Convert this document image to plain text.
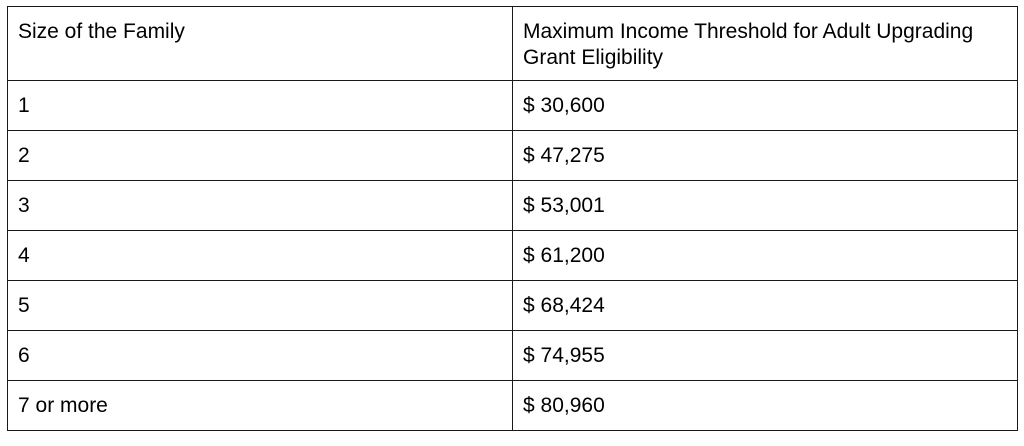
Size of the Family	Maximum Income Threshold for Adult Upgrading Grant Eligibility
1	$ 30,600
2	$ 47,275
3	$ 53,001
4	$ 61,200
5	$ 68,424
6	$ 74,955
7 or more	$ 80,960
